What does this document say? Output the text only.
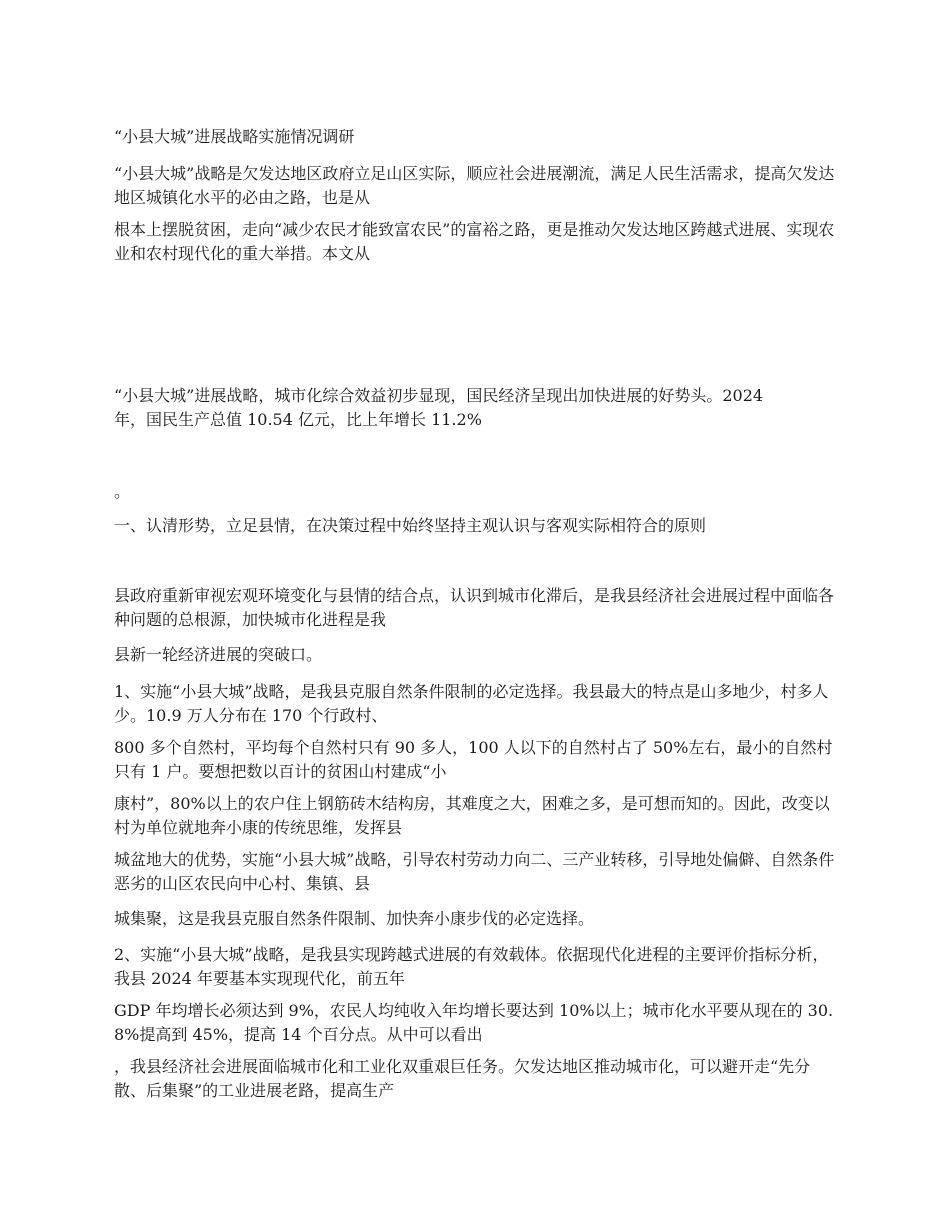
“小县大城”进展战略实施情况调研

“小县大城”战略是欠发达地区政府立足山区实际，顺应社会进展潮流，满足人民生活需求，提高欠发达地区城镇化水平的必由之路，也是从

根本上摆脱贫困，走向“减少农民才能致富农民”的富裕之路，更是推动欠发达地区跨越式进展、实现农业和农村现代化的重大举措。本文从

“小县大城”进展战略，城市化综合效益初步显现，国民经济呈现出加快进展的好势头。2024 年，国民生产总值 10.54 亿元，比上年增长 11.2%

。

一、认清形势，立足县情，在决策过程中始终坚持主观认识与客观实际相符合的原则

县政府重新审视宏观环境变化与县情的结合点，认识到城市化滞后，是我县经济社会进展过程中面临各种问题的总根源，加快城市化进程是我

县新一轮经济进展的突破口。

1、实施“小县大城”战略，是我县克服自然条件限制的必定选择。我县最大的特点是山多地少，村多人少。10.9 万人分布在 170 个行政村、

800 多个自然村，平均每个自然村只有 90 多人，100 人以下的自然村占了 50%左右，最小的自然村只有 1 户。要想把数以百计的贫困山村建成“小

康村”，80%以上的农户住上钢筋砖木结构房，其难度之大，困难之多，是可想而知的。因此，改变以村为单位就地奔小康的传统思维，发挥县

城盆地大的优势，实施“小县大城”战略，引导农村劳动力向二、三产业转移，引导地处偏僻、自然条件恶劣的山区农民向中心村、集镇、县

城集聚，这是我县克服自然条件限制、加快奔小康步伐的必定选择。

2、实施“小县大城”战略，是我县实现跨越式进展的有效载体。依据现代化进程的主要评价指标分析，我县 2024 年要基本实现现代化，前五年

GDP 年均增长必须达到 9%，农民人均纯收入年均增长要达到 10%以上；城市化水平要从现在的 30.8%提高到 45%，提高 14 个百分点。从中可以看出

，我县经济社会进展面临城市化和工业化双重艰巨任务。欠发达地区推动城市化，可以避开走“先分散、后集聚”的工业进展老路，提高生产
